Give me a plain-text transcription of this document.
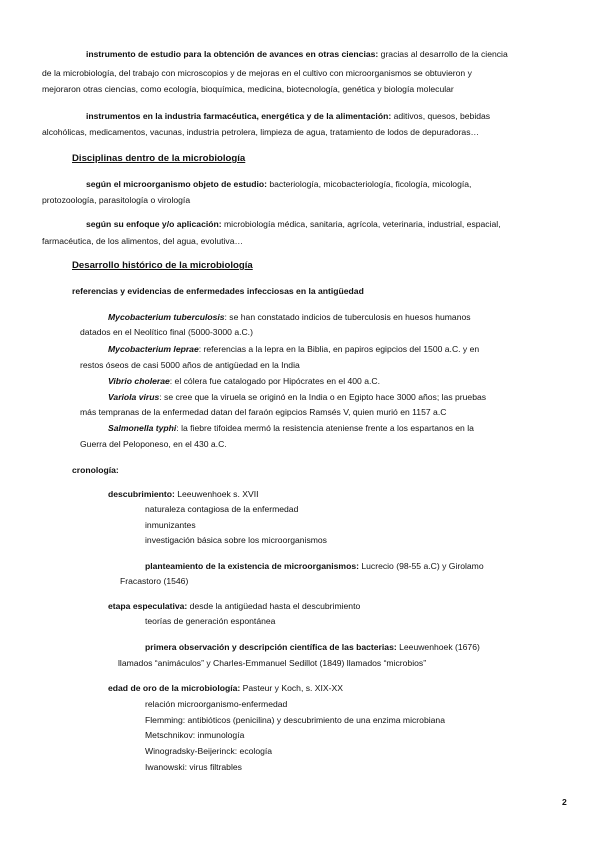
instrumento de estudio para la obtención de avances en otras ciencias: gracias al desarrollo de la ciencia
de la microbiología, del trabajo con microscopios y de mejoras en el cultivo con microorganismos se obtuvieron y
mejoraron otras ciencias, como ecología, bioquímica, medicina, biotecnología, genética y biología molecular
instrumentos en la industria farmacéutica, energética y de la alimentación: aditivos, quesos, bebidas
alcohólicas, medicamentos, vacunas, industria petrolera, limpieza de agua, tratamiento de lodos de depuradoras…
Disciplinas dentro de la microbiología
según el microorganismo objeto de estudio: bacteriología, micobacteriología, ficología, micología,
protozoología, parasitología o virología
según su enfoque y/o aplicación: microbiología médica, sanitaria, agrícola, veterinaria, industrial, espacial,
farmacéutica, de los alimentos, del agua, evolutiva…
Desarrollo histórico de la microbiología
referencias y evidencias de enfermedades infecciosas en la antigüedad
Mycobacterium tuberculosis: se han constatado indicios de tuberculosis en huesos humanos
datados en el Neolítico final (5000-3000 a.C.)
Mycobacterium leprae: referencias a la lepra en la Biblia, en papiros egipcios del 1500 a.C. y en
restos óseos de casi 5000 años de antigüedad en la India
Vibrio cholerae: el cólera fue catalogado por Hipócrates en el 400 a.C.
Variola virus: se cree que la viruela se originó en la India o en Egipto hace 3000 años; las pruebas
más tempranas de la enfermedad datan del faraón egipcios Ramsés V, quien murió en 1157 a.C
Salmonella typhi: la fiebre tifoidea mermó la resistencia ateniense frente a los espartanos en la
Guerra del Peloponeso, en el 430 a.C.
cronología:
descubrimiento: Leeuwenhoek s. XVII
naturaleza contagiosa de la enfermedad
inmunizantes
investigación básica sobre los microorganismos
planteamiento de la existencia de microorganismos: Lucrecio (98-55 a.C) y Girolamo
Fracastoro (1546)
etapa especulativa: desde la antigüedad hasta el descubrimiento
teorías de generación espontánea
primera observación y descripción científica de las bacterias: Leeuwenhoek (1676)
llamados “animáculos” y Charles-Emmanuel Sedillot (1849) llamados “microbios”
edad de oro de la microbiología: Pasteur y Koch, s. XIX-XX
relación microorganismo-enfermedad
Flemming: antibióticos (penicilina) y descubrimiento de una enzima microbiana
Metschnikov: inmunología
Winogradsky-Beijerinck: ecología
Iwanowski: virus filtrables
2
